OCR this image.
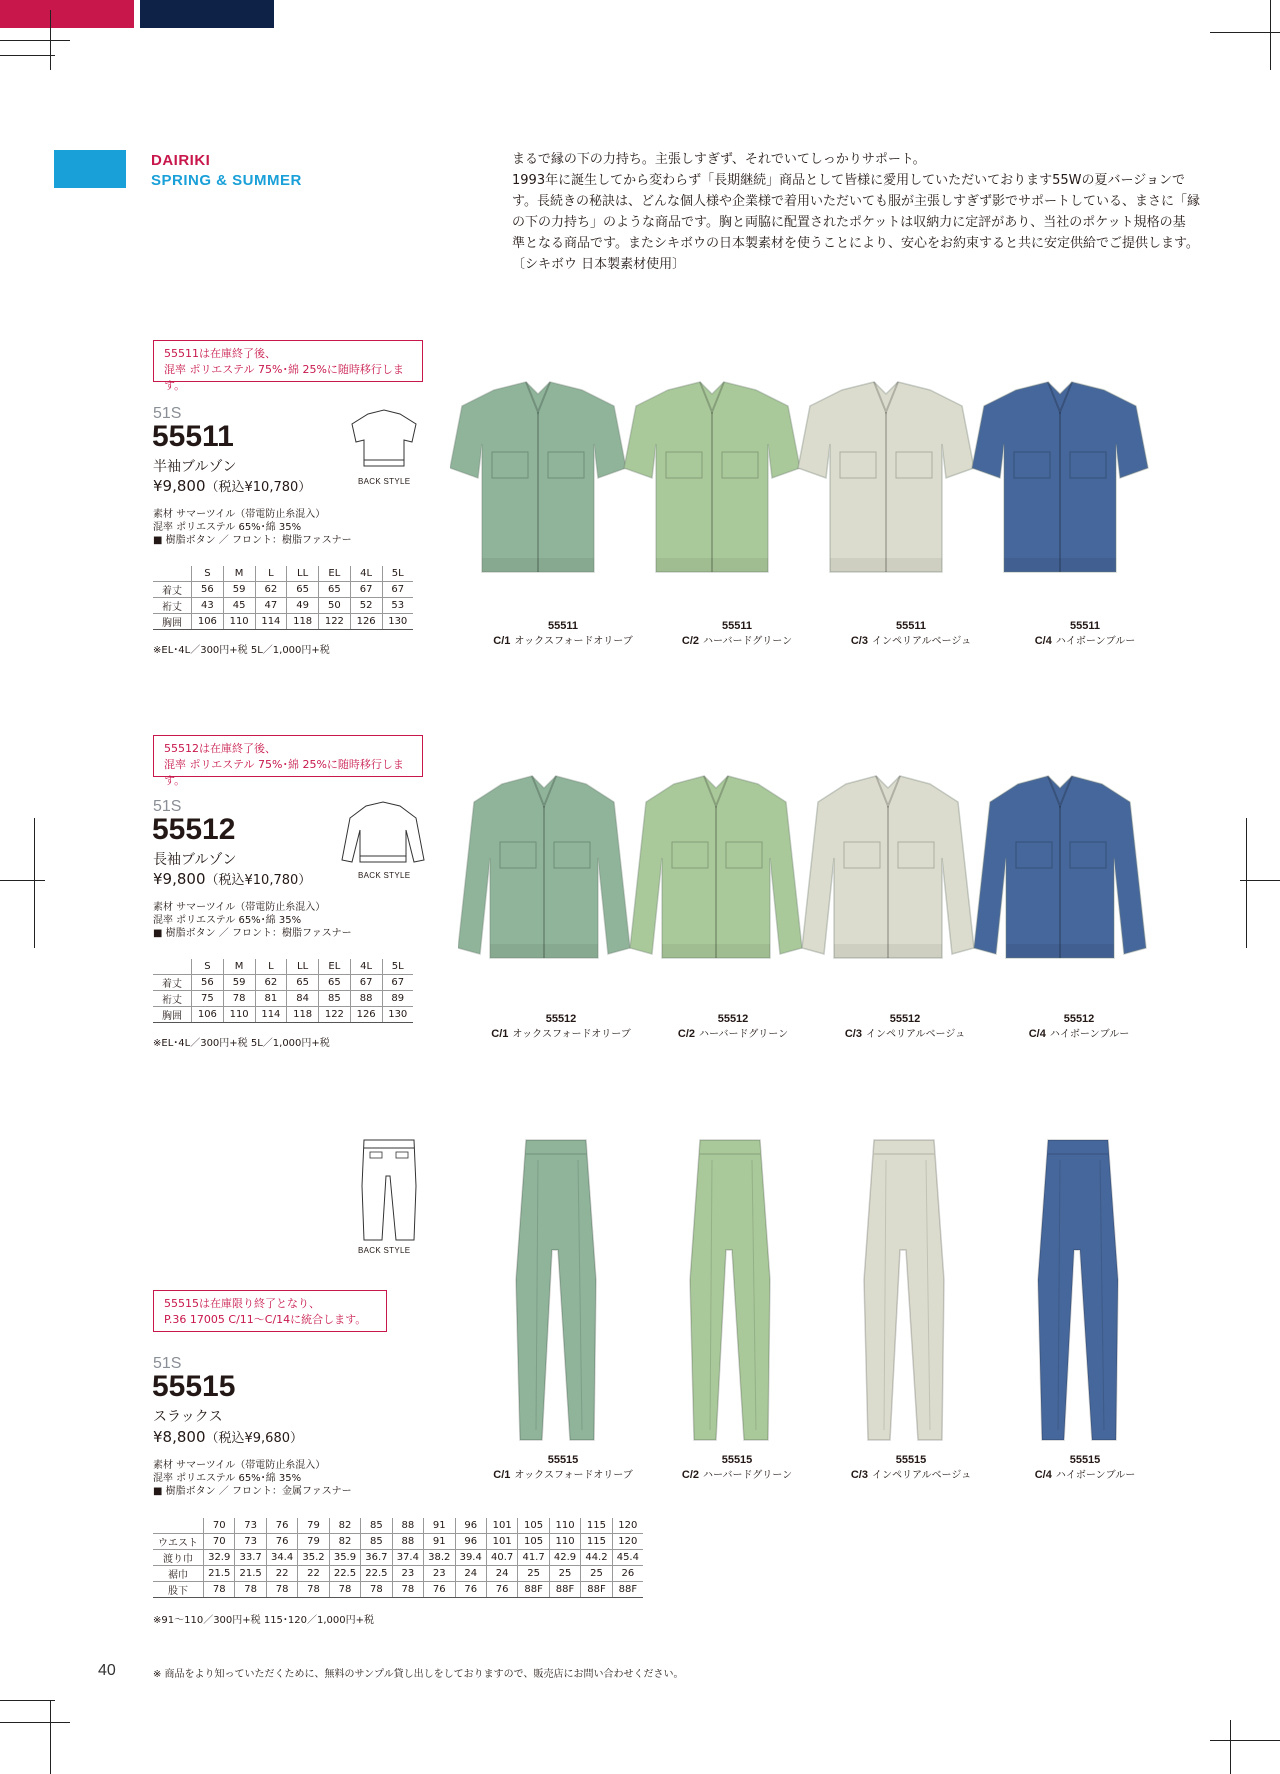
DAIRIKI
SPRING & SUMMER
まるで縁の下の力持ち。主張しすぎず、それでいてしっかりサポート。
1993年に誕生してから変わらず「長期継続」商品として皆様に愛用していただいております55Wの夏バージョンで
す。長続きの秘訣は、どんな個人様や企業様で着用いただいても服が主張しすぎず影でサポートしている、まさに「縁
の下の力持ち」のような商品です。胸と両脇に配置されたポケットは収納力に定評があり、当社のポケット規格の基
準となる商品です。またシキボウの日本製素材を使うことにより、安心をお約束すると共に安定供給でご提供します。
〔シキボウ 日本製素材使用〕
55511は在庫終了後、
混率 ポリエステル 75%･綿 25%に随時移行します。
51S
55511
半袖ブルゾン
¥9,800（税込¥10,780）	BACK STYLE
素材 サマーツイル（帯電防止糸混入）
混率 ポリエステル 65%･綿 35%
■ 樹脂ボタン ／ フロント：樹脂ファスナー
	S	M	L	LL	EL	4L	5L
着丈	56	59	62	65	65	67	67
裄丈	43	45	47	49	50	52	53
胸囲	106	110	114	118	122	126	130
※EL･4L／300円+税 5L／1,000円+税
55511
C/1 オックスフォードオリーブ
55511
C/2 ハーバードグリーン
55511
C/3 インペリアルベージュ
55511
C/4 ハイボーンブルー
55512は在庫終了後、
混率 ポリエステル 75%･綿 25%に随時移行します。
51S
55512
長袖ブルゾン
¥9,800（税込¥10,780）	BACK STYLE
素材 サマーツイル（帯電防止糸混入）
混率 ポリエステル 65%･綿 35%
■ 樹脂ボタン ／ フロント：樹脂ファスナー
	S	M	L	LL	EL	4L	5L
着丈	56	59	62	65	65	67	67
裄丈	75	78	81	84	85	88	89
胸囲	106	110	114	118	122	126	130
※EL･4L／300円+税 5L／1,000円+税
55512
C/1 オックスフォードオリーブ
55512
C/2 ハーバードグリーン
55512
C/3 インペリアルベージュ
55512
C/4 ハイボーンブルー
BACK STYLE
55515は在庫限り終了となり、
P.36 17005 C/11〜C/14に統合します。
51S
55515
スラックス
¥8,800（税込¥9,680）
素材 サマーツイル（帯電防止糸混入）
混率 ポリエステル 65%･綿 35%
■ 樹脂ボタン ／ フロント：金属ファスナー
	70	73	76	79	82	85	88	91	96	101	105	110	115	120
ウエスト	70	73	76	79	82	85	88	91	96	101	105	110	115	120
渡り巾	32.9	33.7	34.4	35.2	35.9	36.7	37.4	38.2	39.4	40.7	41.7	42.9	44.2	45.4
裾巾	21.5	21.5	22	22	22.5	22.5	23	23	24	24	25	25	25	26
股下	78	78	78	78	78	78	78	76	76	76	88F	88F	88F	88F
※91〜110／300円+税 115･120／1,000円+税
55515
C/1 オックスフォードオリーブ
55515
C/2 ハーバードグリーン
55515
C/3 インペリアルベージュ
55515
C/4 ハイボーンブルー
40	※ 商品をより知っていただくために、無料のサンプル貸し出しをしておりますので、販売店にお問い合わせください。
